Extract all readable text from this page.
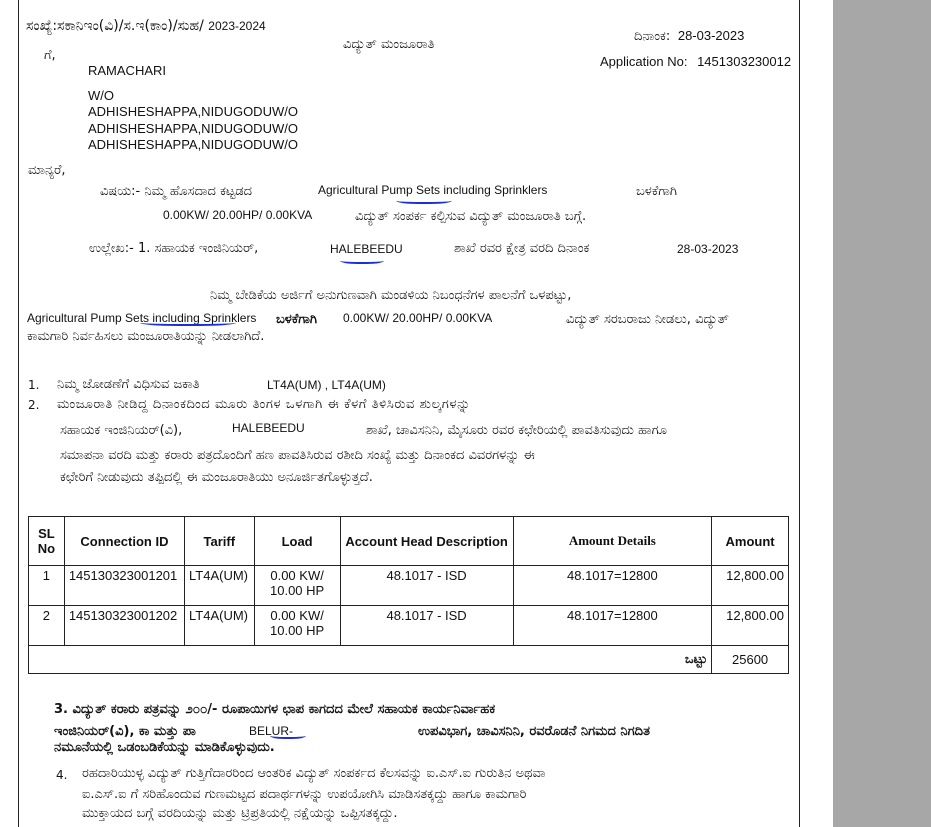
ಸಂಖ್ಯೆ:ಸಕಾನಿಇಂ(ವಿ)/ಸ.ಇ(ಕಾಂ)/ಸುಹ/ 2023-2024
ವಿದ್ಯುತ್ ಮಂಜೂರಾತಿ
ದಿನಾಂಕ: 28-03-2023
Application No: 1451303230012
ಗೆ,
RAMACHARI
W/O
ADHISHESHAPPA,NIDUGODUW/O
ADHISHESHAPPA,NIDUGODUW/O
ADHISHESHAPPA,NIDUGODUW/O
ಮಾನ್ಯರೆ,
ವಿಷಯ:- ನಿಮ್ಮ ಹೊಸದಾದ ಕಟ್ಟಡದ	Agricultural Pump Sets including Sprinklers	ಬಳಕೆಗಾಗಿ
0.00KW/ 20.00HP/ 0.00KVA	ವಿದ್ಯುತ್ ಸಂಪರ್ಕ ಕಲ್ಪಿಸುವ ವಿದ್ಯುತ್ ಮಂಜೂರಾತಿ ಬಗ್ಗೆ.
ಉಲ್ಲೇಖ:- 1. ಸಹಾಯಕ ಇಂಜಿನಿಯರ್,	HALEBEEDU	ಶಾಖೆ ರವರ ಕ್ಷೇತ್ರ ವರದಿ ದಿನಾಂಕ	28-03-2023
ನಿಮ್ಮ ಬೇಡಿಕೆಯ ಅರ್ಜಿಗೆ ಅನುಗುಣವಾಗಿ ಮಂಡಳಿಯ ನಿಬಂಧನೆಗಳ ಪಾಲನೆಗೆ ಒಳಪಟ್ಟು,
Agricultural Pump Sets including Sprinklers ಬಳಕೆಗಾಗಿ 0.00KW/ 20.00HP/ 0.00KVA	ವಿದ್ಯುತ್ ಸರಬರಾಜು ನೀಡಲು, ವಿದ್ಯುತ್
ಕಾಮಗಾರಿ ನಿರ್ವಹಿಸಲು ಮಂಜೂರಾತಿಯನ್ನು ನೀಡಲಾಗಿದೆ.
1. ನಿಮ್ಮ ಜೋಡಣೆಗೆ ವಿಧಿಸುವ ಜಕಾತಿ	LT4A(UM) , LT4A(UM)
2. ಮಂಜೂರಾತಿ ನೀಡಿದ್ದ ದಿನಾಂಕದಿಂದ ಮೂರು ತಿಂಗಳ ಒಳಗಾಗಿ ಈ ಕೆಳಗೆ ತಿಳಿಸಿರುವ ಶುಲ್ಕಗಳನ್ನು
ಸಹಾಯಕ ಇಂಜಿನಿಯರ್(ವಿ),	HALEBEEDU	ಶಾಖೆ, ಚಾವಿಸನಿನಿ, ಮೈಸೂರು ರವರ ಕಛೇರಿಯಲ್ಲಿ ಪಾವತಿಸುವುದು ಹಾಗೂ
ಸಮಾಪನಾ ವರದಿ ಮತ್ತು ಕರಾರು ಪತ್ರದೊಂದಿಗೆ ಹಣ ಪಾವತಿಸಿರುವ ರಶೀದಿ ಸಂಖ್ಯೆ ಮತ್ತು ದಿನಾಂಕದ ವಿವರಗಳನ್ನು ಈ
ಕಛೇರಿಗೆ ನೀಡುವುದು ತಪ್ಪಿದಲ್ಲಿ ಈ ಮಂಜೂರಾತಿಯು ಅನೂರ್ಜಿತಗೊಳ್ಳುತ್ತದೆ.
SL No	Connection ID	Tariff	Load	Account Head Description	Amount Details	Amount
1	145130323001201	LT4A(UM)	0.00 KW/ 10.00 HP	48.1017 - ISD	48.1017=12800	12,800.00
2	145130323001202	LT4A(UM)	0.00 KW/ 10.00 HP	48.1017 - ISD	48.1017=12800	12,800.00
					ಒಟ್ಟು	25600
3. ವಿದ್ಯುತ್ ಕರಾರು ಪತ್ರವನ್ನು ೨೦೦/- ರೂಪಾಯಿಗಳ ಛಾಪ ಕಾಗದದ ಮೇಲೆ ಸಹಾಯಕ ಕಾರ್ಯನಿರ್ವಾಹಕ
ಇಂಜಿನಿಯರ್(ವಿ), ಕಾ ಮತ್ತು ಪಾ	BELUR-	ಉಪವಿಭಾಗ, ಚಾವಿಸನಿನಿ, ರವರೊಡನೆ ನಿಗಮದ ನಿಗದಿತ
ನಮೂನೆಯಲ್ಲಿ ಒಡಂಬಡಿಕೆಯನ್ನು ಮಾಡಿಕೊಳ್ಳುವುದು.
4. ರಹದಾರಿಯುಳ್ಳ ವಿದ್ಯುತ್ ಗುತ್ತಿಗೆದಾರರಿಂದ ಆಂತರಿಕ ವಿದ್ಯುತ್ ಸಂಪರ್ಕದ ಕೆಲಸವನ್ನು ಐ.ಎಸ್.ಐ ಗುರುತಿನ ಅಥವಾ
ಐ.ಎಸ್.ಐ ಗೆ ಸರಿಹೊಂದುವ ಗುಣಮಟ್ಟದ ಪದಾರ್ಥಗಳನ್ನು ಉಪಯೋಗಿಸಿ ಮಾಡಿಸತಕ್ಕದ್ದು ಹಾಗೂ ಕಾಮಗಾರಿ
ಮುಕ್ತಾಯದ ಬಗ್ಗೆ ವರದಿಯನ್ನು ಮತ್ತು ಟ್ರಿಪ್ರತಿಯಲ್ಲಿ ನಕ್ಷೆಯನ್ನು ಒಪ್ಪಿಸತಕ್ಕದ್ದು.
